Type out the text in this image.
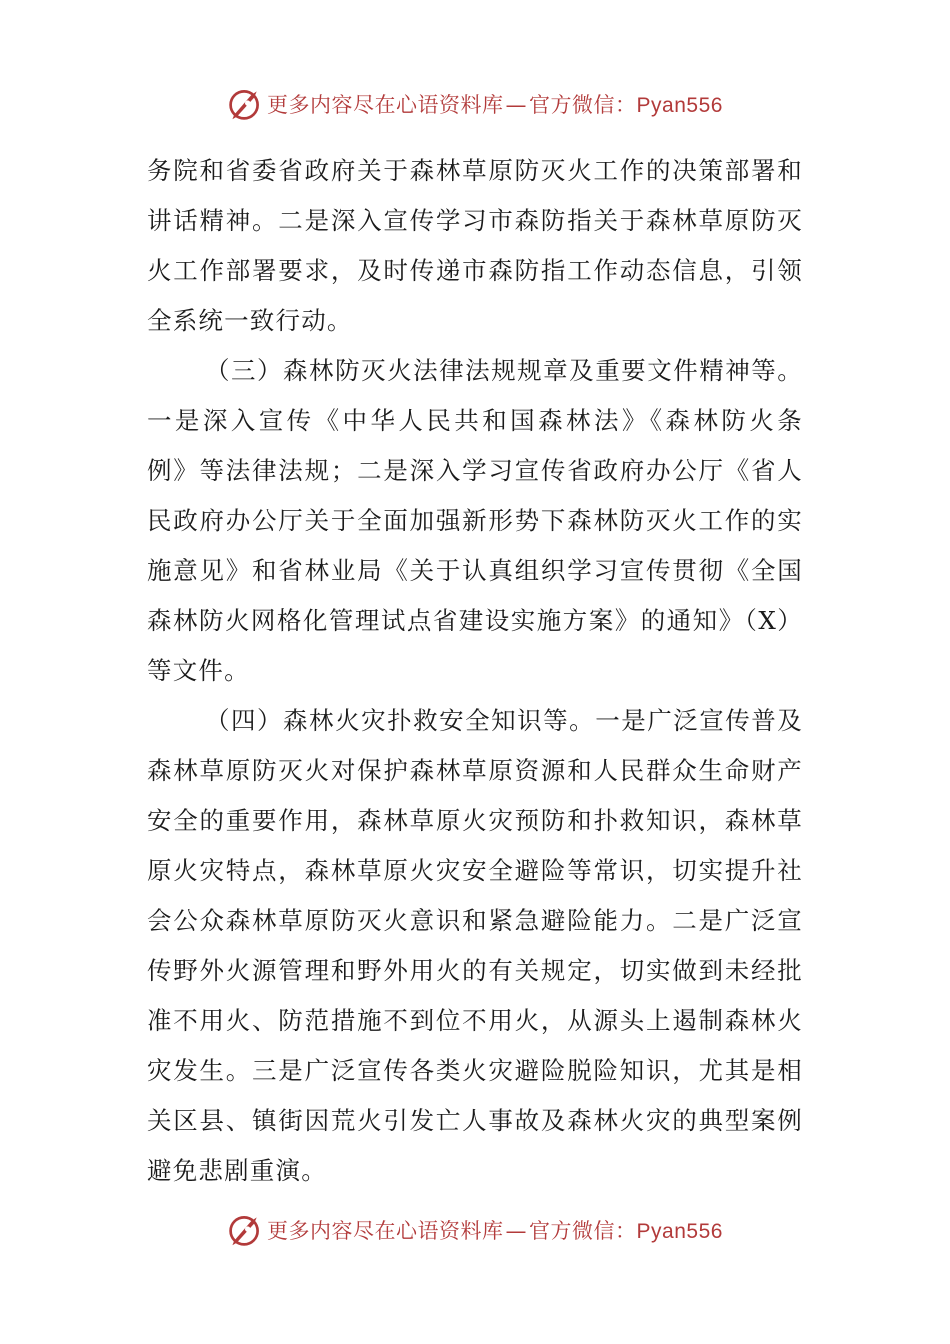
更多内容尽在心语资料库—官方微信：Pyan556
务院和省委省政府关于森林草原防灭火工作的决策部署和
讲话精神。二是深入宣传学习市森防指关于森林草原防灭
火工作部署要求，及时传递市森防指工作动态信息，引领
全系统一致行动。
（三）森林防灭火法律法规规章及重要文件精神等。
一是深入宣传《中华人民共和国森林法》《森林防火条
例》等法律法规；二是深入学习宣传省政府办公厅《省人
民政府办公厅关于全面加强新形势下森林防灭火工作的实
施意见》和省林业局《关于认真组织学习宣传贯彻《全国
森林防火网格化管理试点省建设实施方案》的通知》（X）
等文件。
（四）森林火灾扑救安全知识等。一是广泛宣传普及
森林草原防灭火对保护森林草原资源和人民群众生命财产
安全的重要作用，森林草原火灾预防和扑救知识，森林草
原火灾特点，森林草原火灾安全避险等常识，切实提升社
会公众森林草原防灭火意识和紧急避险能力。二是广泛宣
传野外火源管理和野外用火的有关规定，切实做到未经批
准不用火、防范措施不到位不用火，从源头上遏制森林火
灾发生。三是广泛宣传各类火灾避险脱险知识，尤其是相
关区县、镇街因荒火引发亡人事故及森林火灾的典型案例
避免悲剧重演。
更多内容尽在心语资料库—官方微信：Pyan556
